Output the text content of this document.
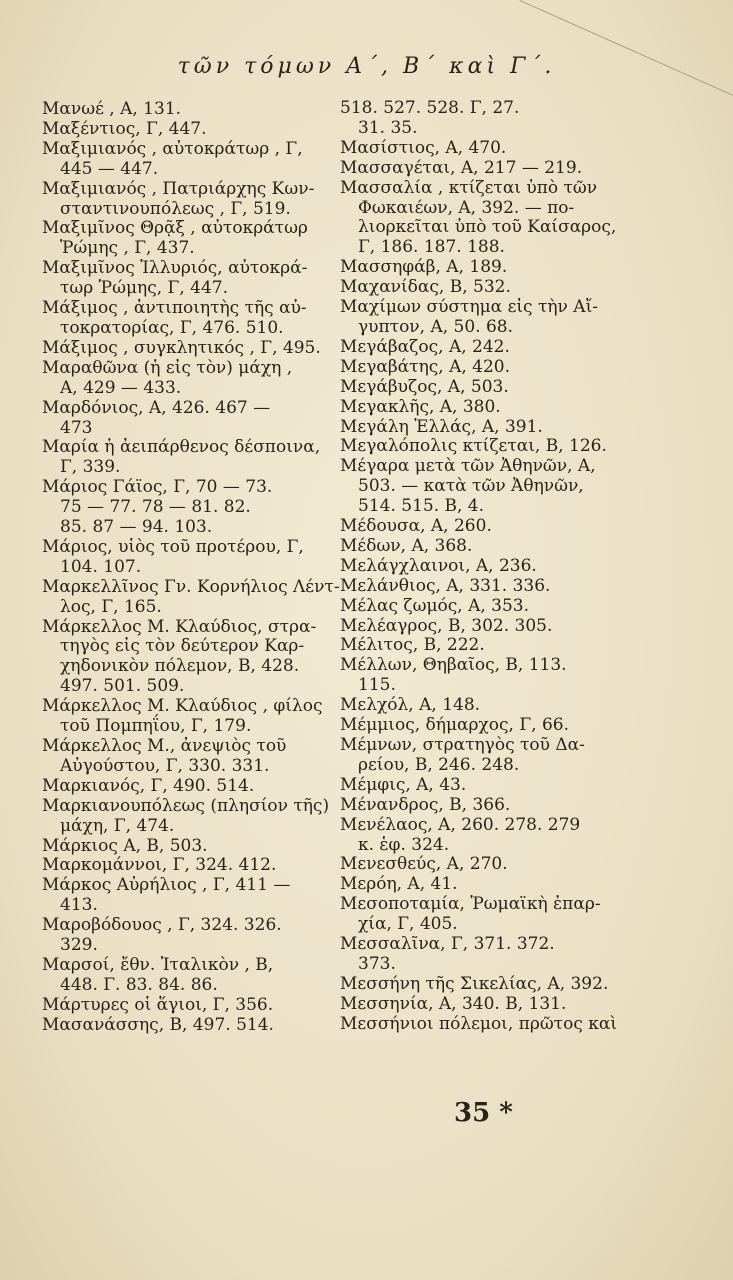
τῶν τόμων Α΄, Β΄ καὶ Γ΄.
Μανωέ , Α, 131.
Μαξέντιος, Γ, 447.
Μαξιμιανός , αὐτοκράτωρ , Γ,
445 — 447.
Μαξιμιανός , Πατριάρχης Κων-
σταντινουπόλεως , Γ, 519.
Μαξιμῖνος Θρᾷξ , αὐτοκράτωρ
Ῥώμης , Γ, 437.
Μαξιμῖνος Ἰλλυριός, αὐτοκρά-
τωρ Ῥώμης, Γ, 447.
Μάξιμος , ἀντιποιητὴς τῆς αὐ-
τοκρατορίας, Γ, 476. 510.
Μάξιμος , συγκλητικός , Γ, 495.
Μαραθῶνα (ἡ εἰς τὸν) μάχη ,
Α, 429 — 433.
Μαρδόνιος, Α, 426. 467 —
473
Μαρία ἡ ἀειπάρθενος δέσποινα,
Γ, 339.
Μάριος Γάϊος, Γ, 70 — 73.
75 — 77. 78 — 81. 82.
85. 87 — 94. 103.
Μάριος, υἱὸς τοῦ προτέρου, Γ,
104. 107.
Μαρκελλῖνος Γν. Κορνήλιος Λέντ-
λος, Γ, 165.
Μάρκελλος Μ. Κλαύδιος, στρα-
τηγὸς εἰς τὸν δεύτερον Καρ-
χηδονικὸν πόλεμον, Β, 428.
497. 501. 509.
Μάρκελλος Μ. Κλαύδιος , φίλος
τοῦ Πομπηΐου, Γ, 179.
Μάρκελλος Μ., ἀνεψιὸς τοῦ
Αὐγούστου, Γ, 330. 331.
Μαρκιανός, Γ, 490. 514.
Μαρκιανουπόλεως (πλησίον τῆς)
μάχη, Γ, 474.
Μάρκιος Α, Β, 503.
Μαρκομάννοι, Γ, 324. 412.
Μάρκος Αὐρήλιος , Γ, 411 —
413.
Μαροβόδουος , Γ, 324. 326.
329.
Μαρσοί, ἔθν. Ἰταλικὸν , Β,
448. Γ. 83. 84. 86.
Μάρτυρες οἱ ἅγιοι, Γ, 356.
Μασανάσσης, Β, 497. 514.
518. 527. 528. Γ, 27.
31. 35.
Μασίστιος, Α, 470.
Μασσαγέται, Α, 217 — 219.
Μασσαλία , κτίζεται ὑπὸ τῶν
Φωκαιέων, Α, 392. — πο-
λιορκεῖται ὑπὸ τοῦ Καίσαρος,
Γ, 186. 187. 188.
Μασσηφάβ, Α, 189.
Μαχανίδας, Β, 532.
Μαχίμων σύστημα εἰς τὴν Αἴ-
γυπτον, Α, 50. 68.
Μεγάβαζος, Α, 242.
Μεγαβάτης, Α, 420.
Μεγάβυζος, Α, 503.
Μεγακλῆς, Α, 380.
Μεγάλη Ἑλλάς, Α, 391.
Μεγαλόπολις κτίζεται, Β, 126.
Μέγαρα μετὰ τῶν Ἀθηνῶν, Α,
503. — κατὰ τῶν Ἀθηνῶν,
514. 515. Β, 4.
Μέδουσα, Α, 260.
Μέδων, Α, 368.
Μελάγχλαινοι, Α, 236.
Μελάνθιος, Α, 331. 336.
Μέλας ζωμός, Α, 353.
Μελέαγρος, Β, 302. 305.
Μέλιτος, Β, 222.
Μέλλων, Θηβαῖος, Β, 113.
115.
Μελχόλ, Α, 148.
Μέμμιος, δήμαρχος, Γ, 66.
Μέμνων, στρατηγὸς τοῦ Δα-
ρείου, Β, 246. 248.
Μέμφις, Α, 43.
Μένανδρος, Β, 366.
Μενέλαος, Α, 260. 278. 279
κ. ἑφ. 324.
Μενεσθεύς, Α, 270.
Μερόη, Α, 41.
Μεσοποταμία, Ῥωμαϊκὴ ἐπαρ-
χία, Γ, 405.
Μεσσαλῖνα, Γ, 371. 372.
373.
Μεσσήνη τῆς Σικελίας, Α, 392.
Μεσσηνία, Α, 340. Β, 131.
Μεσσήνιοι πόλεμοι, πρῶτος καὶ
35 *
